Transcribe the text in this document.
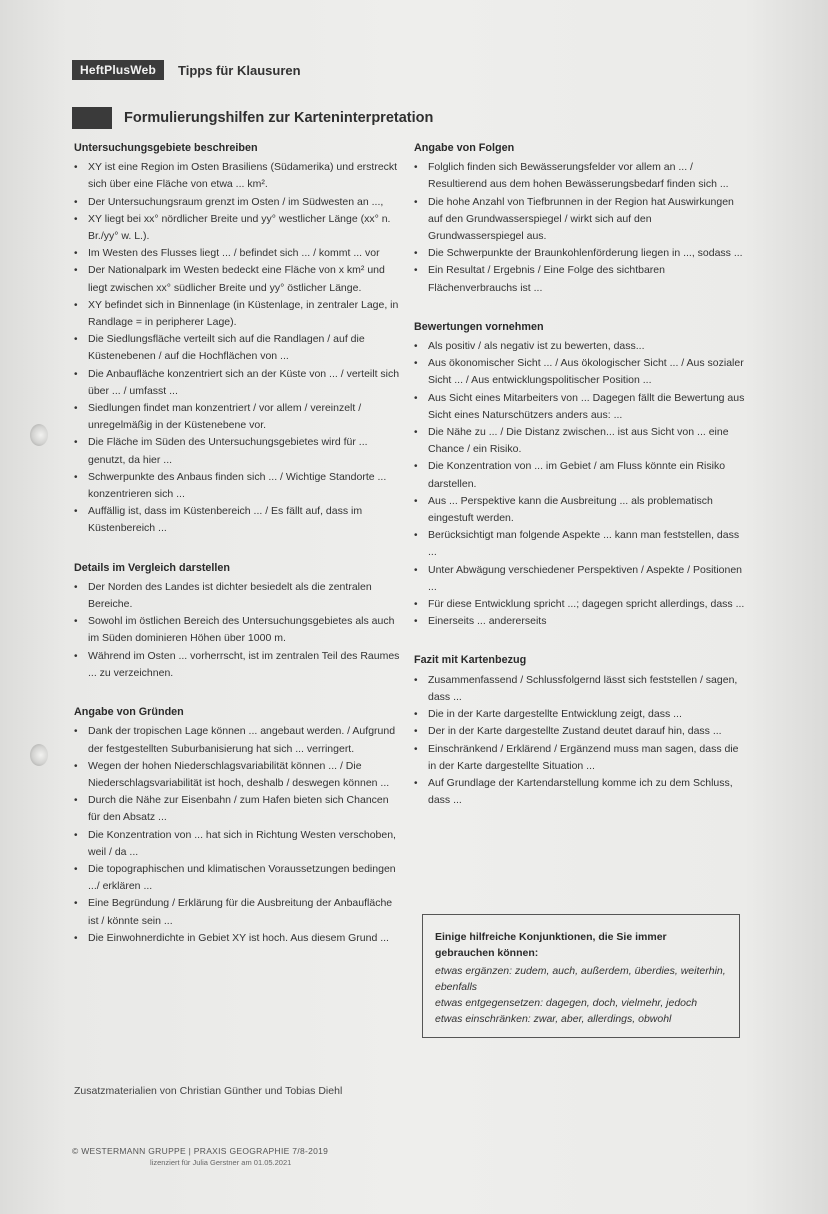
HeftPlusWeb	Tipps für Klausuren
Formulierungshilfen zur Karteninterpretation
Untersuchungsgebiete beschreiben
• XY ist eine Region im Osten Brasiliens (Südamerika) und erstreckt sich über eine Fläche von etwa ... km².
• Der Untersuchungsraum grenzt im Osten / im Südwesten an ...,
• XY liegt bei xx° nördlicher Breite und yy° westlicher Länge (xx° n. Br./yy° w. L.).
• Im Westen des Flusses liegt ... / befindet sich ... / kommt ... vor
• Der Nationalpark im Westen bedeckt eine Fläche von x km² und liegt zwischen xx° südlicher Breite und yy° östlicher Länge.
• XY befindet sich in Binnenlage (in Küstenlage, in zentraler Lage, in Randlage = in peripherer Lage).
• Die Siedlungsfläche verteilt sich auf die Randlagen / auf die Küstenebenen / auf die Hochflächen von ...
• Die Anbaufläche konzentriert sich an der Küste von ... / verteilt sich über ... / umfasst ...
• Siedlungen findet man konzentriert / vor allem / vereinzelt / unregelmäßig in der Küstenebene vor.
• Die Fläche im Süden des Untersuchungsgebietes wird für ... genutzt, da hier ...
• Schwerpunkte des Anbaus finden sich ... / Wichtige Standorte ... konzentrieren sich ...
• Auffällig ist, dass im Küstenbereich ... / Es fällt auf, dass im Küstenbereich ...
Details im Vergleich darstellen
• Der Norden des Landes ist dichter besiedelt als die zentralen Bereiche.
• Sowohl im östlichen Bereich des Untersuchungsgebietes als auch im Süden dominieren Höhen über 1000 m.
• Während im Osten ... vorherrscht, ist im zentralen Teil des Raumes ... zu verzeichnen.
Angabe von Gründen
• Dank der tropischen Lage können ... angebaut werden. / Aufgrund der festgestellten Suburbanisierung hat sich ... verringert.
• Wegen der hohen Niederschlagsvariabilität können ... / Die Niederschlagsvariabilität ist hoch, deshalb / deswegen können ...
• Durch die Nähe zur Eisenbahn / zum Hafen bieten sich Chancen für den Absatz ...
• Die Konzentration von ... hat sich in Richtung Westen verschoben, weil / da ...
• Die topographischen und klimatischen Voraussetzungen bedingen .../ erklären ...
• Eine Begründung / Erklärung für die Ausbreitung der Anbaufläche ist / könnte sein ...
• Die Einwohnerdichte in Gebiet XY ist hoch. Aus diesem Grund ...
Angabe von Folgen
• Folglich finden sich Bewässerungsfelder vor allem an ... / Resultierend aus dem hohen Bewässerungsbedarf finden sich ...
• Die hohe Anzahl von Tiefbrunnen in der Region hat Auswirkungen auf den Grundwasserspiegel / wirkt sich auf den Grundwasserspiegel aus.
• Die Schwerpunkte der Braunkohlenförderung liegen in ..., sodass ...
• Ein Resultat / Ergebnis / Eine Folge des sichtbaren Flächenverbrauchs ist ...
Bewertungen vornehmen
• Als positiv / als negativ ist zu bewerten, dass...
• Aus ökonomischer Sicht ... / Aus ökologischer Sicht ... / Aus sozialer Sicht ... / Aus entwicklungspolitischer Position ...
• Aus Sicht eines Mitarbeiters von ... Dagegen fällt die Bewertung aus Sicht eines Naturschützers anders aus: ...
• Die Nähe zu ... / Die Distanz zwischen... ist aus Sicht von ... eine Chance / ein Risiko.
• Die Konzentration von ... im Gebiet / am Fluss könnte ein Risiko darstellen.
• Aus ... Perspektive kann die Ausbreitung ... als problematisch eingestuft werden.
• Berücksichtigt man folgende Aspekte ... kann man feststellen, dass ...
• Unter Abwägung verschiedener Perspektiven / Aspekte / Positionen ...
• Für diese Entwicklung spricht ...; dagegen spricht allerdings, dass ...
• Einerseits ... andererseits
Fazit mit Kartenbezug
• Zusammenfassend / Schlussfolgernd lässt sich feststellen / sagen, dass ...
• Die in der Karte dargestellte Entwicklung zeigt, dass ...
• Der in der Karte dargestellte Zustand deutet darauf hin, dass ...
• Einschränkend / Erklärend / Ergänzend muss man sagen, dass die in der Karte dargestellte Situation ...
• Auf Grundlage der Kartendarstellung komme ich zu dem Schluss, dass ...
Einige hilfreiche Konjunktionen, die Sie immer gebrauchen können:
etwas ergänzen: zudem, auch, außerdem, überdies, weiterhin, ebenfalls
etwas entgegensetzen: dagegen, doch, vielmehr, jedoch
etwas einschränken: zwar, aber, allerdings, obwohl
Zusatzmaterialien von Christian Günther und Tobias Diehl
© WESTERMANN GRUPPE | PRAXIS GEOGRAPHIE 7/8-2019
lizenziert für Julia Gerstner am 01.05.2021
